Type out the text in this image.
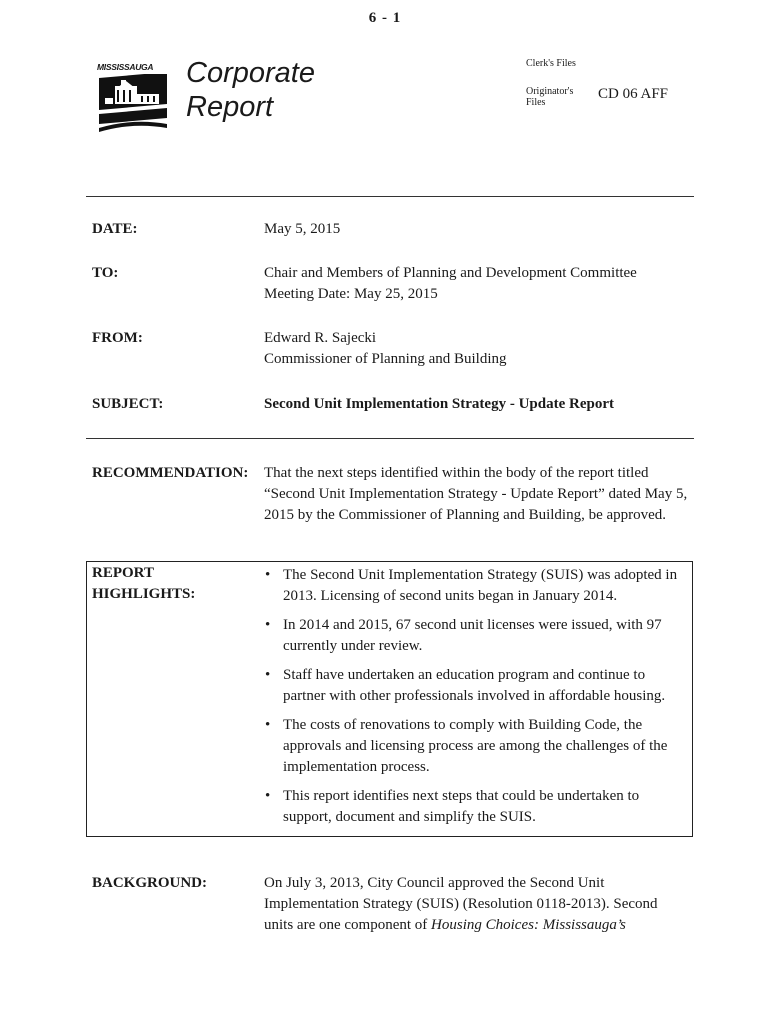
6 - 1
MISSISSAUGA Corporate
Report
Clerk's Files
Originator's
Files
CD 06 AFF
DATE:	May 5, 2015
TO:	Chair and Members of Planning and Development Committee
Meeting Date: May 25, 2015
FROM:	Edward R. Sajecki
Commissioner of Planning and Building
SUBJECT:	Second Unit Implementation Strategy - Update Report
RECOMMENDATION: That the next steps identified within the body of the report titled
“Second Unit Implementation Strategy - Update Report” dated May 5,
2015 by the Commissioner of Planning and Building, be approved.
REPORT
HIGHLIGHTS:
• The Second Unit Implementation Strategy (SUIS) was adopted in
2013. Licensing of second units began in January 2014.
• In 2014 and 2015, 67 second unit licenses were issued, with 97
currently under review.
• Staff have undertaken an education program and continue to
partner with other professionals involved in affordable housing.
• The costs of renovations to comply with Building Code, the
approvals and licensing process are among the challenges of the
implementation process.
• This report identifies next steps that could be undertaken to
support, document and simplify the SUIS.
BACKGROUND:	On July 3, 2013, City Council approved the Second Unit
Implementation Strategy (SUIS) (Resolution 0118-2013). Second
units are one component of Housing Choices: Mississauga’s
